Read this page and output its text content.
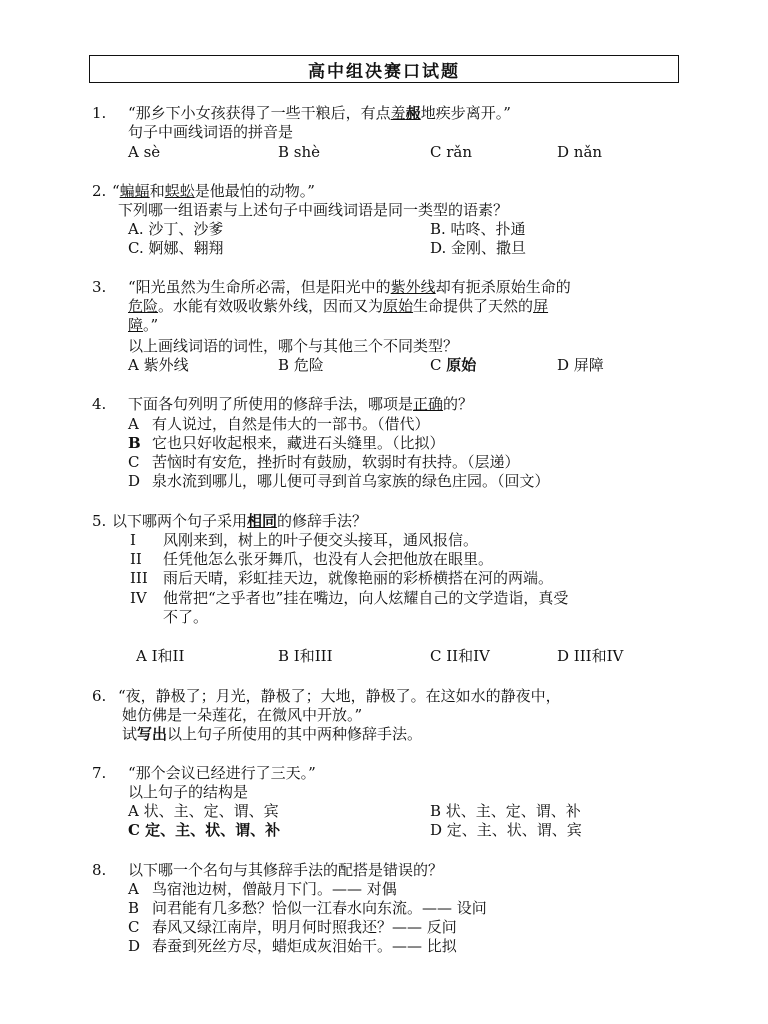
高中组决赛口试题
1. “那乡下小女孩获得了一些干粮后，有点羞赧地疾步离开。”
句子中画线词语的拼音是
A sè	B shè	C rǎn	D nǎn
2. “蝙蝠和蜈蚣是他最怕的动物。”
下列哪一组语素与上述句子中画线词语是同一类型的语素？
A. 沙丁、沙爹	B. 咕咚、扑通
C. 婀娜、翱翔	D. 金刚、撒旦
3. “阳光虽然为生命所必需，但是阳光中的紫外线却有扼杀原始生命的
危险。水能有效吸收紫外线，因而又为原始生命提供了天然的屏
障。”
以上画线词语的词性，哪个与其他三个不同类型？
A 紫外线	B 危险	C 原始	D 屏障
4. 下面各句列明了所使用的修辞手法，哪项是正确的？
A 有人说过，自然是伟大的一部书。（借代）
B 它也只好收起根来，藏进石头缝里。（比拟）
C 苦恼时有安危，挫折时有鼓励，软弱时有扶持。（层递）
D 泉水流到哪儿，哪儿便可寻到首乌家族的绿色庄园。（回文）
5. 以下哪两个句子采用相同的修辞手法？
I 风刚来到，树上的叶子便交头接耳，通风报信。
II 任凭他怎么张牙舞爪，也没有人会把他放在眼里。
III 雨后天晴，彩虹挂天边，就像艳丽的彩桥横搭在河的两端。
IV 他常把“之乎者也”挂在嘴边，向人炫耀自己的文学造诣，真受
不了。
A I和II	B I和III	C II和IV	D III和IV
6. “夜，静极了；月光，静极了；大地，静极了。在这如水的静夜中，
她仿佛是一朵莲花，在微风中开放。”
试写出以上句子所使用的其中两种修辞手法。
7. “那个会议已经进行了三天。”
以上句子的结构是
A 状、主、定、谓、宾	B 状、主、定、谓、补
C 定、主、状、谓、补	D 定、主、状、谓、宾
8. 以下哪一个名句与其修辞手法的配搭是错误的？
A 鸟宿池边树，僧敲月下门。—— 对偶
B 问君能有几多愁？恰似一江春水向东流。—— 设问
C 春风又绿江南岸，明月何时照我还？—— 反问
D 春蚕到死丝方尽，蜡炬成灰泪始干。—— 比拟
